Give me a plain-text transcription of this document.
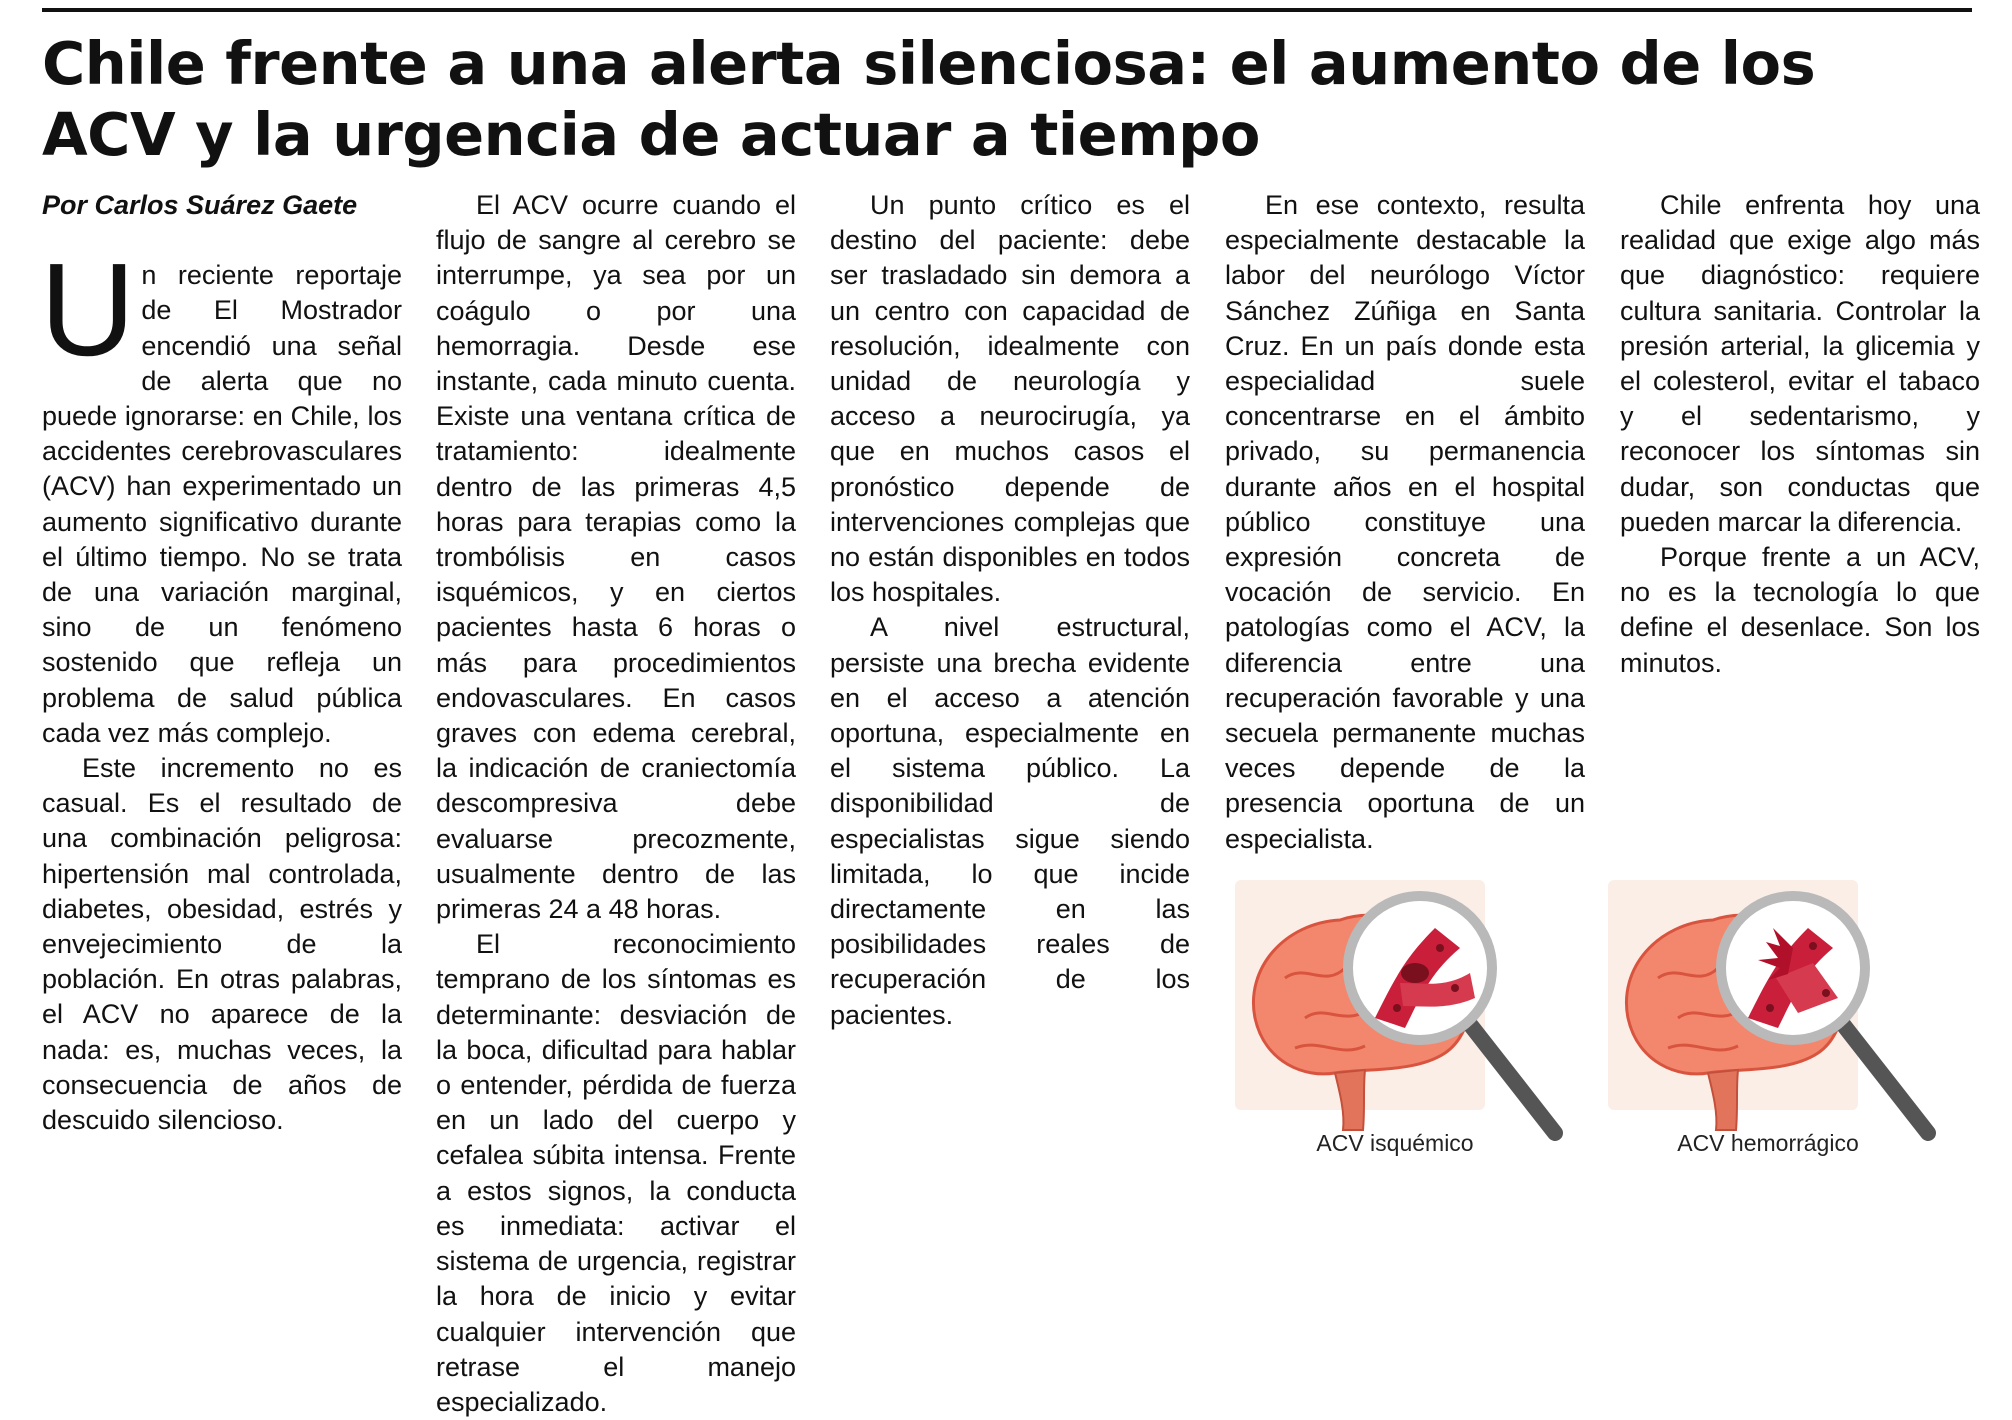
Chile frente a una alerta silenciosa: el aumento de los ACV y la urgencia de actuar a tiempo
Por Carlos Suárez Gaete

Un reciente reportaje de El Mostrador encendió una señal de alerta que no puede ignorarse: en Chile, los accidentes cerebrovasculares (ACV) han experimentado un aumento significativo durante el último tiempo. No se trata de una variación marginal, sino de un fenómeno sostenido que refleja un problema de salud pública cada vez más complejo.

Este incremento no es casual. Es el resultado de una combinación peligrosa: hipertensión mal controlada, diabetes, obesidad, estrés y envejecimiento de la población. En otras palabras, el ACV no aparece de la nada: es, muchas veces, la consecuencia de años de descuido silencioso.

El ACV ocurre cuando el flujo de sangre al cerebro se interrumpe, ya sea por un coágulo o por una hemorragia. Desde ese instante, cada minuto cuenta. Existe una ventana crítica de tratamiento: idealmente dentro de las primeras 4,5 horas para terapias como la trombólisis en casos isquémicos, y en ciertos pacientes hasta 6 horas o más para procedimientos endovasculares. En casos graves con edema cerebral, la indicación de craniectomía descompresiva debe evaluarse precozmente, usualmente dentro de las primeras 24 a 48 horas.

El reconocimiento temprano de los síntomas es determinante: desviación de la boca, dificultad para hablar o entender, pérdida de fuerza en un lado del cuerpo y cefalea súbita intensa. Frente a estos signos, la conducta es inmediata: activar el sistema de urgencia, registrar la hora de inicio y evitar cualquier intervención que retrase el manejo especializado.

Un punto crítico es el destino del paciente: debe ser trasladado sin demora a un centro con capacidad de resolución, idealmente con unidad de neurología y acceso a neurocirugía, ya que en muchos casos el pronóstico depende de intervenciones complejas que no están disponibles en todos los hospitales.

A nivel estructural, persiste una brecha evidente en el acceso a atención oportuna, especialmente en el sistema público. La disponibilidad de especialistas sigue siendo limitada, lo que incide directamente en las posibilidades reales de recuperación de los pacientes.

En ese contexto, resulta especialmente destacable la labor del neurólogo Víctor Sánchez Zúñiga en Santa Cruz. En un país donde esta especialidad suele concentrarse en el ámbito privado, su permanencia durante años en el hospital público constituye una expresión concreta de vocación de servicio. En patologías como el ACV, la diferencia entre una recuperación favorable y una secuela permanente muchas veces depende de la presencia oportuna de un especialista.

Chile enfrenta hoy una realidad que exige algo más que diagnóstico: requiere cultura sanitaria. Controlar la presión arterial, la glicemia y el colesterol, evitar el tabaco y el sedentarismo, y reconocer los síntomas sin dudar, son conductas que pueden marcar la diferencia.

Porque frente a un ACV, no es la tecnología lo que define el desenlace. Son los minutos.

ACV isquémico	ACV hemorrágico
